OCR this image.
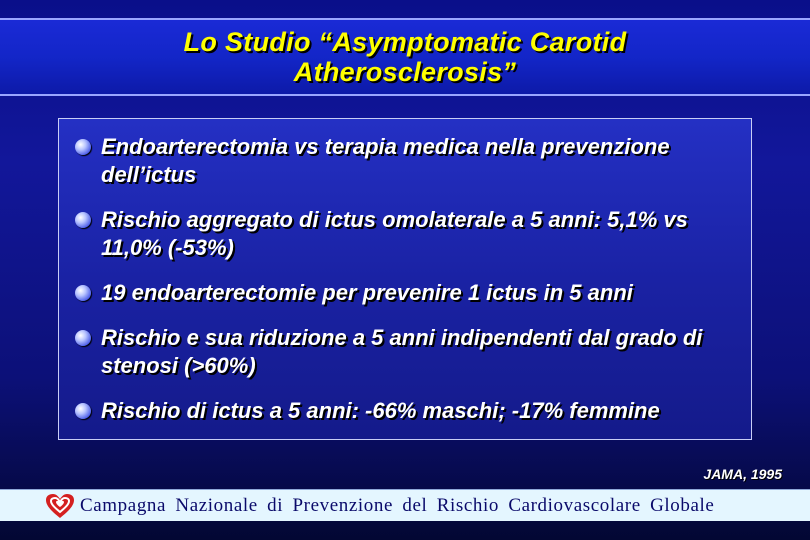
Lo Studio “Asymptomatic Carotid
Atherosclerosis”
Endoarterectomia vs terapia medica nella prevenzione dell’ictus
Rischio aggregato di ictus omolaterale a 5 anni: 5,1% vs 11,0% (-53%)
19 endoarterectomie per prevenire 1 ictus in 5 anni
Rischio e sua riduzione a 5 anni indipendenti dal grado di stenosi (>60%)
Rischio di ictus a 5 anni: -66% maschi; -17% femmine
JAMA, 1995
Campagna Nazionale di Prevenzione del Rischio Cardiovascolare Globale
